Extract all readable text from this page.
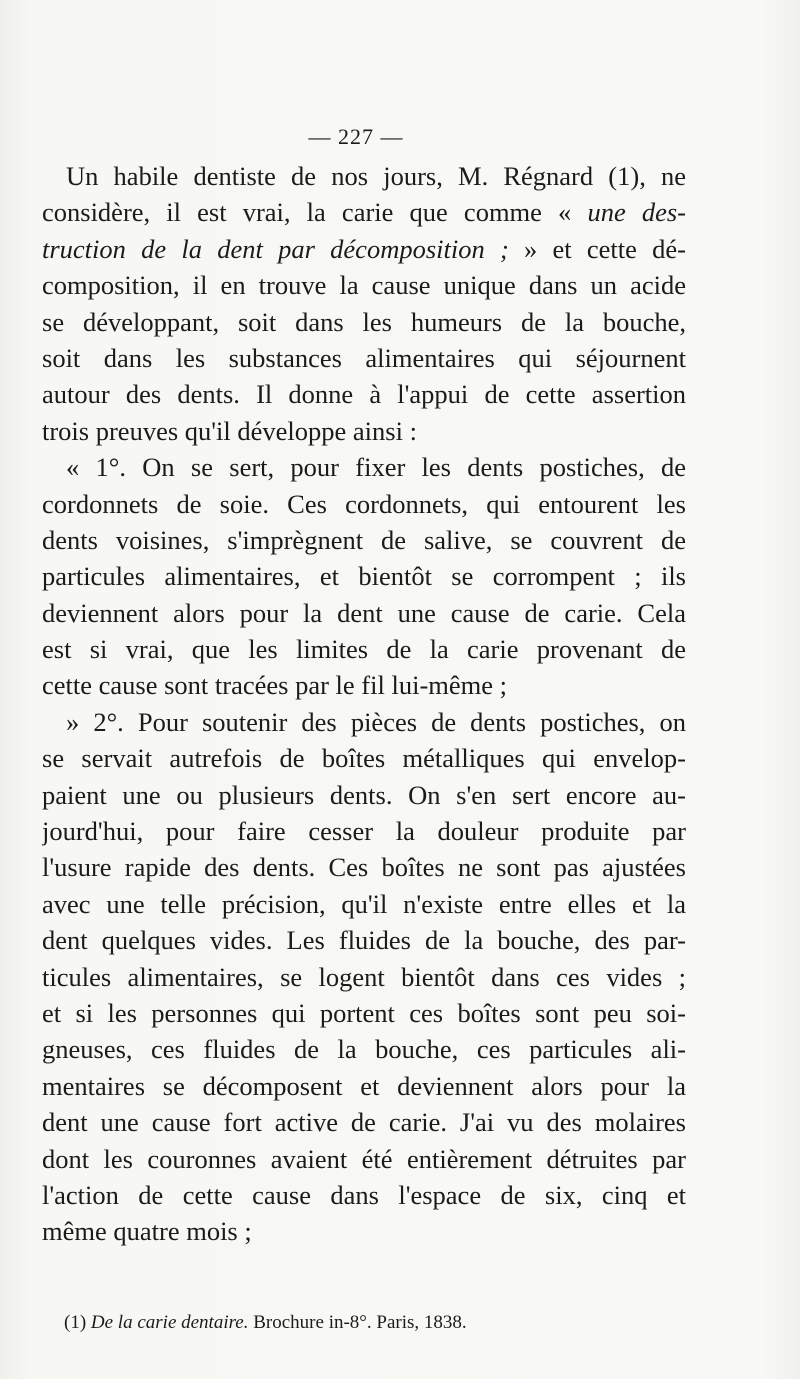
— 227 —
Un habile dentiste de nos jours, M. Régnard (1), ne
considère, il est vrai, la carie que comme « une des-
truction de la dent par décomposition ; » et cette dé-
composition, il en trouve la cause unique dans un acide
se développant, soit dans les humeurs de la bouche,
soit dans les substances alimentaires qui séjournent
autour des dents. Il donne à l'appui de cette assertion
trois preuves qu'il développe ainsi :
« 1°. On se sert, pour fixer les dents postiches, de
cordonnets de soie. Ces cordonnets, qui entourent les
dents voisines, s'imprègnent de salive, se couvrent de
particules alimentaires, et bientôt se corrompent ; ils
deviennent alors pour la dent une cause de carie. Cela
est si vrai, que les limites de la carie provenant de
cette cause sont tracées par le fil lui-même ;
» 2°. Pour soutenir des pièces de dents postiches, on
se servait autrefois de boîtes métalliques qui envelop-
paient une ou plusieurs dents. On s'en sert encore au-
jourd'hui, pour faire cesser la douleur produite par
l'usure rapide des dents. Ces boîtes ne sont pas ajustées
avec une telle précision, qu'il n'existe entre elles et la
dent quelques vides. Les fluides de la bouche, des par-
ticules alimentaires, se logent bientôt dans ces vides ;
et si les personnes qui portent ces boîtes sont peu soi-
gneuses, ces fluides de la bouche, ces particules ali-
mentaires se décomposent et deviennent alors pour la
dent une cause fort active de carie. J'ai vu des molaires
dont les couronnes avaient été entièrement détruites par
l'action de cette cause dans l'espace de six, cinq et
même quatre mois ;
(1) De la carie dentaire. Brochure in-8°. Paris, 1838.
